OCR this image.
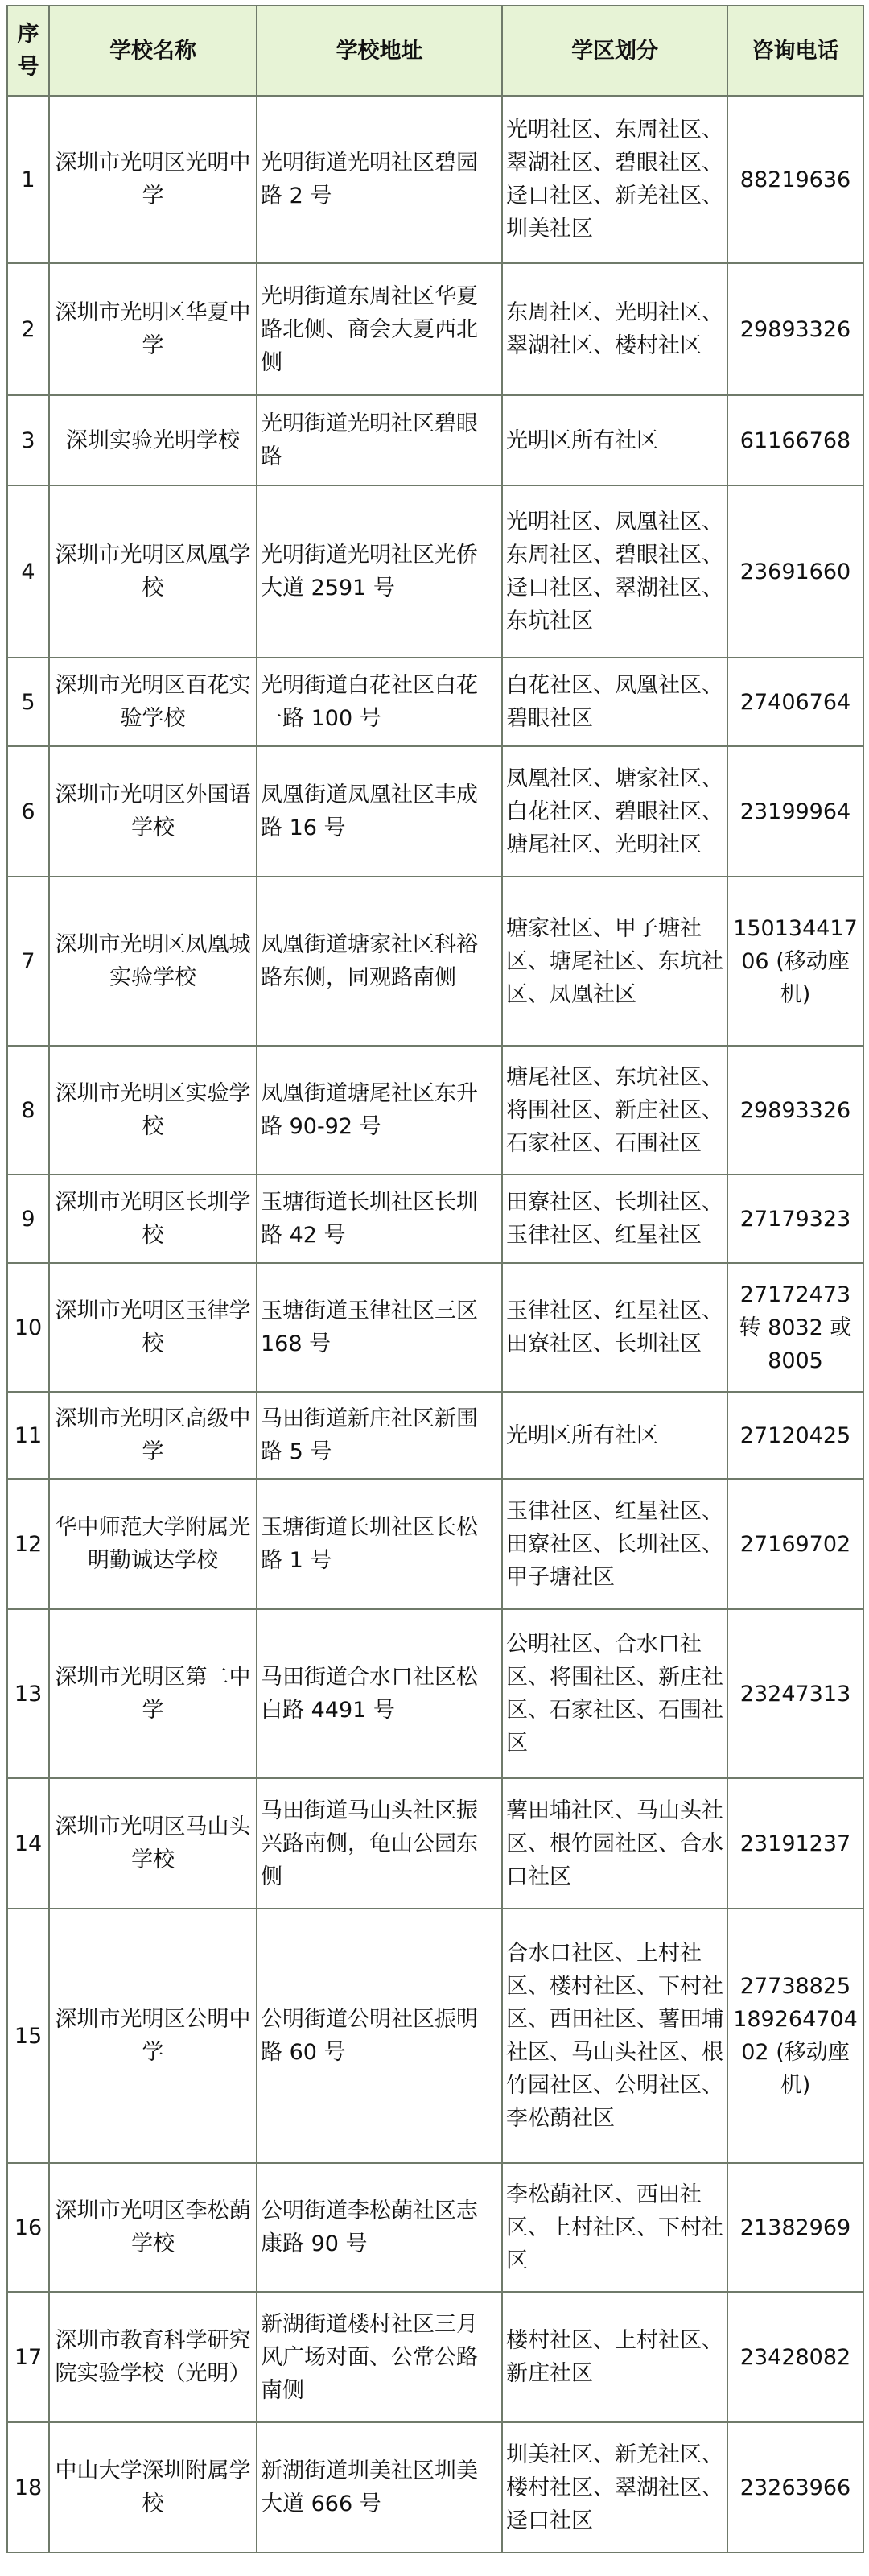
序号	学校名称	学校地址	学区划分	咨询电话
1	深圳市光明区光明中学	光明街道光明社区碧园路 2 号	光明社区、东周社区、翠湖社区、碧眼社区、迳口社区、新羌社区、圳美社区	88219636
2	深圳市光明区华夏中学	光明街道东周社区华夏路北侧、商会大夏西北侧	东周社区、光明社区、翠湖社区、楼村社区	29893326
3	深圳实验光明学校	光明街道光明社区碧眼路	光明区所有社区	61166768
4	深圳市光明区凤凰学校	光明街道光明社区光侨大道 2591 号	光明社区、凤凰社区、东周社区、碧眼社区、迳口社区、翠湖社区、东坑社区	23691660
5	深圳市光明区百花实验学校	光明街道白花社区白花一路 100 号	白花社区、凤凰社区、碧眼社区	27406764
6	深圳市光明区外国语学校	凤凰街道凤凰社区丰成路 16 号	凤凰社区、塘家社区、白花社区、碧眼社区、塘尾社区、光明社区	23199964
7	深圳市光明区凤凰城实验学校	凤凰街道塘家社区科裕路东侧，同观路南侧	塘家社区、甲子塘社区、塘尾社区、东坑社区、凤凰社区	15013441706 (移动座机)
8	深圳市光明区实验学校	凤凰街道塘尾社区东升路 90-92 号	塘尾社区、东坑社区、将围社区、新庄社区、石家社区、石围社区	29893326
9	深圳市光明区长圳学校	玉塘街道长圳社区长圳路 42 号	田寮社区、长圳社区、玉律社区、红星社区	27179323
10	深圳市光明区玉律学校	玉塘街道玉律社区三区 168 号	玉律社区、红星社区、田寮社区、长圳社区	27172473 转 8032 或 8005
11	深圳市光明区高级中学	马田街道新庄社区新围路 5 号	光明区所有社区	27120425
12	华中师范大学附属光明勤诚达学校	玉塘街道长圳社区长松路 1 号	玉律社区、红星社区、田寮社区、长圳社区、甲子塘社区	27169702
13	深圳市光明区第二中学	马田街道合水口社区松白路 4491 号	公明社区、合水口社区、将围社区、新庄社区、石家社区、石围社区	23247313
14	深圳市光明区马山头学校	马田街道马山头社区振兴路南侧，龟山公园东侧	薯田埔社区、马山头社区、根竹园社区、合水口社区	23191237
15	深圳市光明区公明中学	公明街道公明社区振明路 60 号	合水口社区、上村社区、楼村社区、下村社区、西田社区、薯田埔社区、马山头社区、根竹园社区、公明社区、李松蓢社区	27738825 18926470402 (移动座机)
16	深圳市光明区李松蓢学校	公明街道李松蓢社区志康路 90 号	李松蓢社区、西田社区、上村社区、下村社区	21382969
17	深圳市教育科学研究院实验学校（光明）	新湖街道楼村社区三月风广场对面、公常公路南侧	楼村社区、上村社区、新庄社区	23428082
18	中山大学深圳附属学校	新湖街道圳美社区圳美大道 666 号	圳美社区、新羌社区、楼村社区、翠湖社区、迳口社区	23263966
